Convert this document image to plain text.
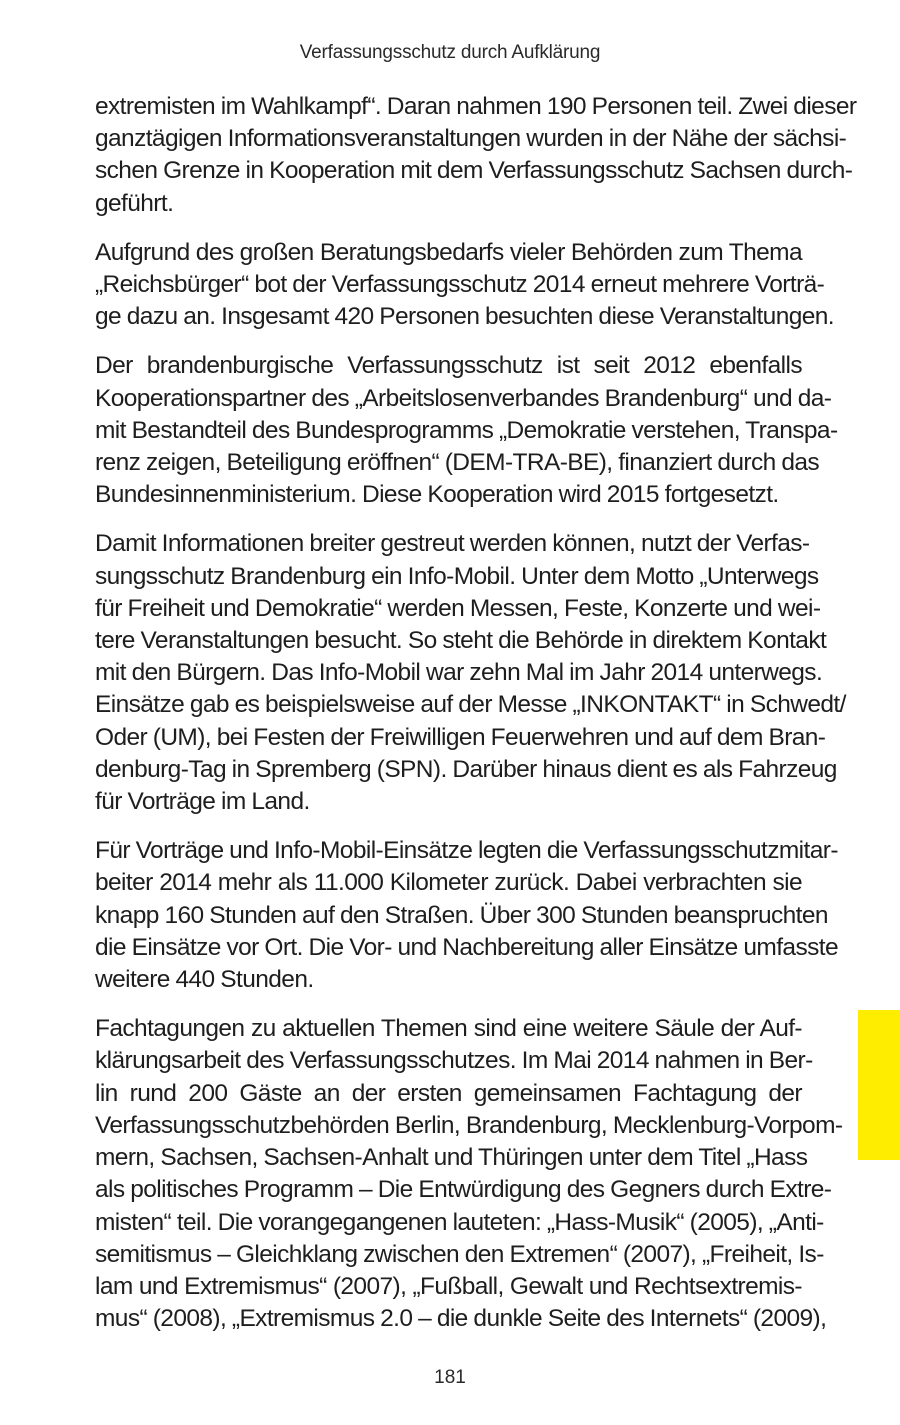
Verfassungsschutz durch Aufklärung

extremisten im Wahlkampf“. Daran nahmen 190 Personen teil. Zwei dieser
ganztägigen Informationsveranstaltungen wurden in der Nähe der sächsi-
schen Grenze in Kooperation mit dem Verfassungsschutz Sachsen durch-
geführt.

Aufgrund des großen Beratungsbedarfs vieler Behörden zum Thema
„Reichsbürger“ bot der Verfassungsschutz 2014 erneut mehrere Vorträ-
ge dazu an. Insgesamt 420 Personen besuchten diese Veranstaltungen.

Der brandenburgische Verfassungsschutz ist seit 2012 ebenfalls
Kooperationspartner des „Arbeitslosenverbandes Brandenburg“ und da-
mit Bestandteil des Bundesprogramms „Demokratie verstehen, Transpa-
renz zeigen, Beteiligung eröffnen“ (DEM-TRA-BE), finanziert durch das
Bundesinnenministerium. Diese Kooperation wird 2015 fortgesetzt.

Damit Informationen breiter gestreut werden können, nutzt der Verfas-
sungsschutz Brandenburg ein Info-Mobil. Unter dem Motto „Unterwegs
für Freiheit und Demokratie“ werden Messen, Feste, Konzerte und wei-
tere Veranstaltungen besucht. So steht die Behörde in direktem Kontakt
mit den Bürgern. Das Info-Mobil war zehn Mal im Jahr 2014 unterwegs.
Einsätze gab es beispielsweise auf der Messe „INKONTAKT“ in Schwedt/
Oder (UM), bei Festen der Freiwilligen Feuerwehren und auf dem Bran-
denburg-Tag in Spremberg (SPN). Darüber hinaus dient es als Fahrzeug
für Vorträge im Land.

Für Vorträge und Info-Mobil-Einsätze legten die Verfassungsschutzmitar-
beiter 2014 mehr als 11.000 Kilometer zurück. Dabei verbrachten sie
knapp 160 Stunden auf den Straßen. Über 300 Stunden beanspruchten
die Einsätze vor Ort. Die Vor- und Nachbereitung aller Einsätze umfasste
weitere 440 Stunden.

Fachtagungen zu aktuellen Themen sind eine weitere Säule der Auf-
klärungsarbeit des Verfassungsschutzes. Im Mai 2014 nahmen in Ber-
lin rund 200 Gäste an der ersten gemeinsamen Fachtagung der
Verfassungsschutzbehörden Berlin, Brandenburg, Mecklenburg-Vorpom-
mern, Sachsen, Sachsen-Anhalt und Thüringen unter dem Titel „Hass
als politisches Programm – Die Entwürdigung des Gegners durch Extre-
misten“ teil. Die vorangegangenen lauteten: „Hass-Musik“ (2005), „Anti-
semitismus – Gleichklang zwischen den Extremen“ (2007), „Freiheit, Is-
lam und Extremismus“ (2007), „Fußball, Gewalt und Rechtsextremis-
mus“ (2008), „Extremismus 2.0 – die dunkle Seite des Internets“ (2009),

181
